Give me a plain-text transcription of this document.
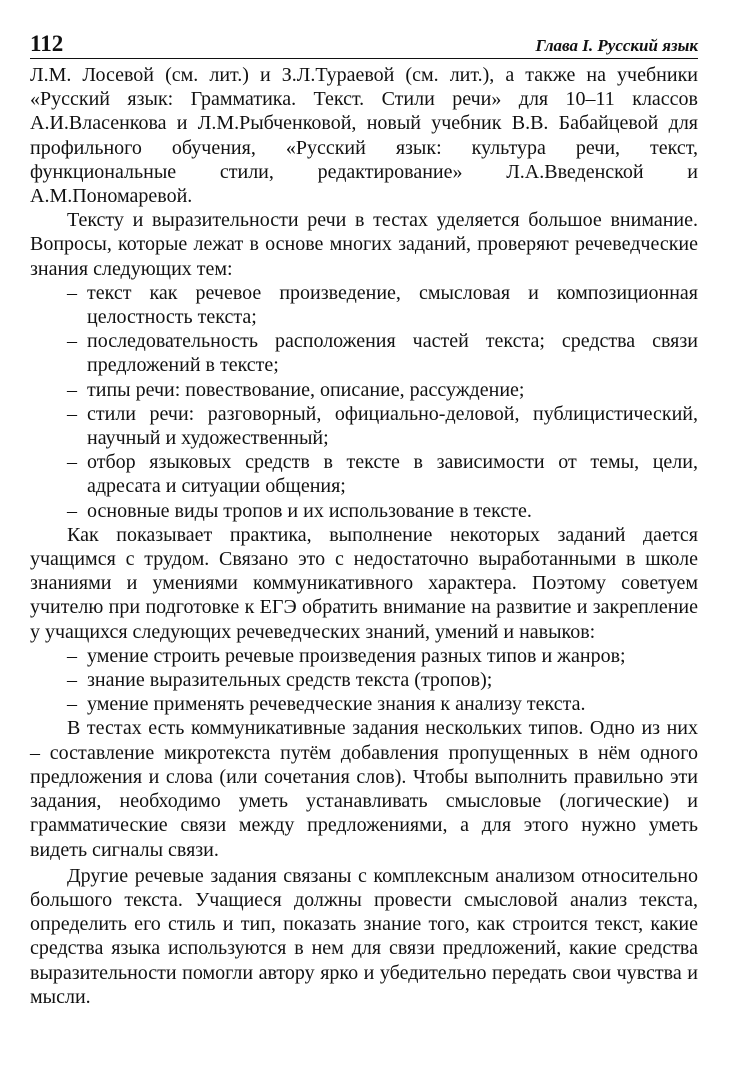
112	Глава I. Русский язык

Л.М. Лосевой (см. лит.) и З.Л.Тураевой (см. лит.), а также на учебники «Русский язык: Грамматика. Текст. Стили речи» для 10–11 классов А.И.Власенкова и Л.М.Рыбченковой, новый учебник В.В. Бабайцевой для профильного обучения, «Русский язык: культура речи, текст, функциональные стили, редактирование» Л.А.Введенской и А.М.Пономаревой.

Тексту и выразительности речи в тестах уделяется большое внимание. Вопросы, которые лежат в основе многих заданий, проверяют речеведческие знания следующих тем:

– текст как речевое произведение, смысловая и композиционная целостность текста;
– последовательность расположения частей текста; средства связи предложений в тексте;
– типы речи: повествование, описание, рассуждение;
– стили речи: разговорный, официально-деловой, публицистический, научный и художественный;
– отбор языковых средств в тексте в зависимости от темы, цели, адресата и ситуации общения;
– основные виды тропов и их использование в тексте.

Как показывает практика, выполнение некоторых заданий дается учащимся с трудом. Связано это с недостаточно выработанными в школе знаниями и умениями коммуникативного характера. Поэтому советуем учителю при подготовке к ЕГЭ обратить внимание на развитие и закрепление у учащихся следующих речеведческих знаний, умений и навыков:

– умение строить речевые произведения разных типов и жанров;
– знание выразительных средств текста (тропов);
– умение применять речеведческие знания к анализу текста.

В тестах есть коммуникативные задания нескольких типов. Одно из них – составление микротекста путём добавления пропущенных в нём одного предложения и слова (или сочетания слов). Чтобы выполнить правильно эти задания, необходимо уметь устанавливать смысловые (логические) и грамматические связи между предложениями, а для этого нужно уметь видеть сигналы связи.

Другие речевые задания связаны с комплексным анализом относительно большого текста. Учащиеся должны провести смысловой анализ текста, определить его стиль и тип, показать знание того, как строится текст, какие средства языка используются в нем для связи предложений, какие средства выразительности помогли автору ярко и убедительно передать свои чувства и мысли.
